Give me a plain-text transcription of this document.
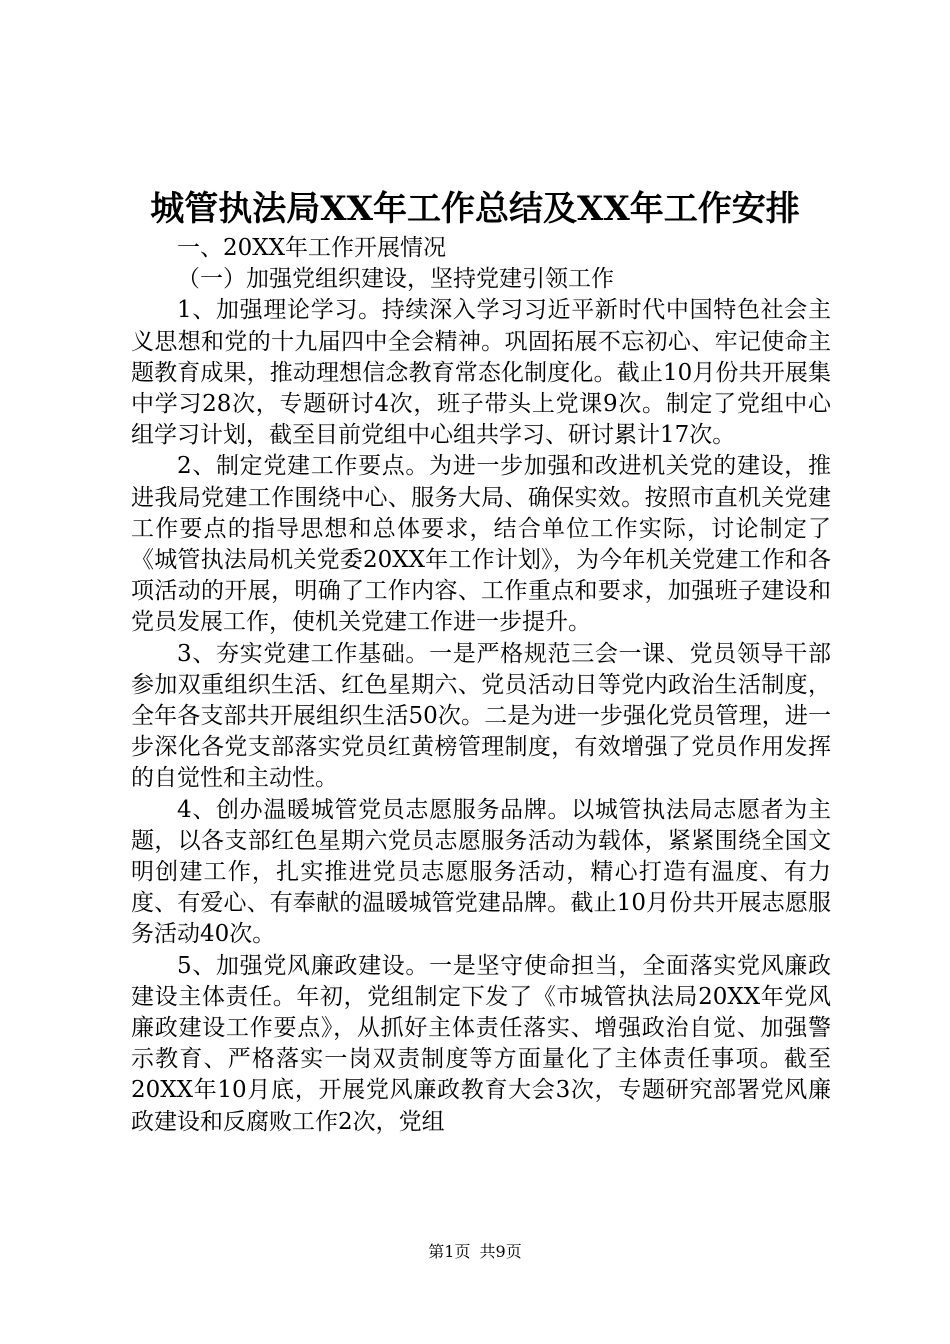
城管执法局XX年工作总结及XX年工作安排

一、20XX年工作开展情况

（一）加强党组织建设，坚持党建引领工作

1、加强理论学习。持续深入学习习近平新时代中国特色社会主义思想和党的十九届四中全会精神。巩固拓展不忘初心、牢记使命主题教育成果，推动理想信念教育常态化制度化。截止10月份共开展集中学习28次，专题研讨4次，班子带头上党课9次。制定了党组中心组学习计划，截至目前党组中心组共学习、研讨累计17次。

2、制定党建工作要点。为进一步加强和改进机关党的建设，推进我局党建工作围绕中心、服务大局、确保实效。按照市直机关党建工作要点的指导思想和总体要求，结合单位工作实际，讨论制定了《城管执法局机关党委20XX年工作计划》，为今年机关党建工作和各项活动的开展，明确了工作内容、工作重点和要求，加强班子建设和党员发展工作，使机关党建工作进一步提升。

3、夯实党建工作基础。一是严格规范三会一课、党员领导干部参加双重组织生活、红色星期六、党员活动日等党内政治生活制度，全年各支部共开展组织生活50次。二是为进一步强化党员管理，进一步深化各党支部落实党员红黄榜管理制度，有效增强了党员作用发挥的自觉性和主动性。

4、创办温暖城管党员志愿服务品牌。以城管执法局志愿者为主题，以各支部红色星期六党员志愿服务活动为载体，紧紧围绕全国文明创建工作，扎实推进党员志愿服务活动，精心打造有温度、有力度、有爱心、有奉献的温暖城管党建品牌。截止10月份共开展志愿服务活动40次。

5、加强党风廉政建设。一是坚守使命担当，全面落实党风廉政建设主体责任。年初，党组制定下发了《市城管执法局20XX年党风廉政建设工作要点》，从抓好主体责任落实、增强政治自觉、加强警示教育、严格落实一岗双责制度等方面量化了主体责任事项。截至20XX年10月底，开展党风廉政教育大会3次，专题研究部署党风廉政建设和反腐败工作2次，党组

第1页 共9页
